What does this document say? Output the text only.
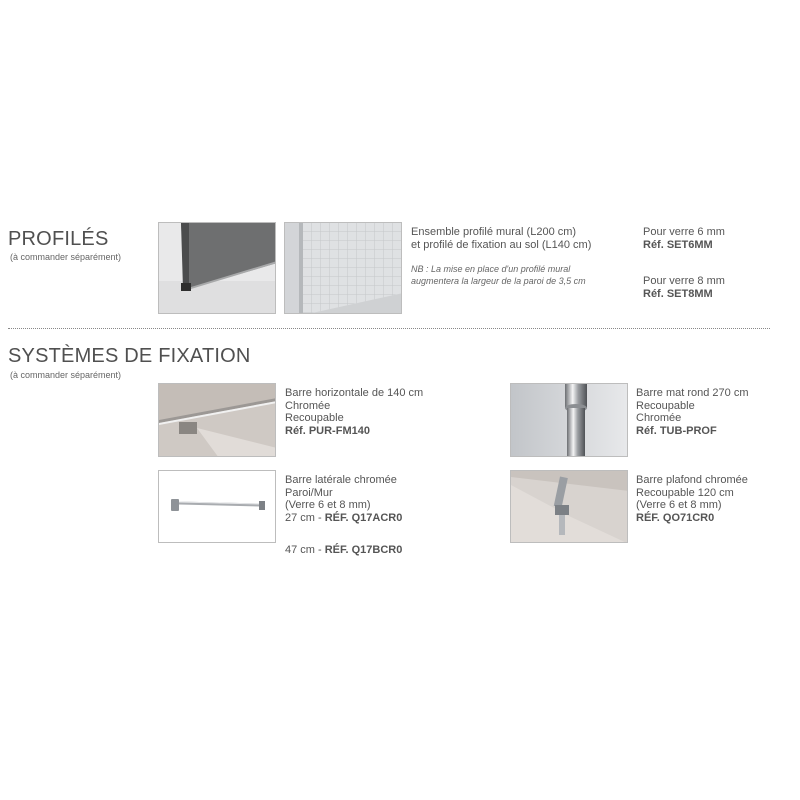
PROFILÉS
(à commander séparément)
Ensemble profilé mural (L200 cm)
et profilé de fixation au sol (L140 cm)
NB : La mise en place d'un profilé mural
augmentera la largeur de la paroi de 3,5 cm
Pour verre 6 mm
Réf. SET6MM
Pour verre 8 mm
Réf. SET8MM
SYSTÈMES DE FIXATION
(à commander séparément)
Barre horizontale de 140 cm
Chromée
Recoupable
Réf. PUR-FM140
Barre mat rond 270 cm
Recoupable
Chromée
Réf. TUB-PROF
Barre latérale chromée
Paroi/Mur
(Verre 6 et 8 mm)
27 cm - RÉF. Q17ACR0
47 cm - RÉF. Q17BCR0
Barre plafond chromée
Recoupable 120 cm
(Verre 6 et 8 mm)
RÉF. QO71CR0
